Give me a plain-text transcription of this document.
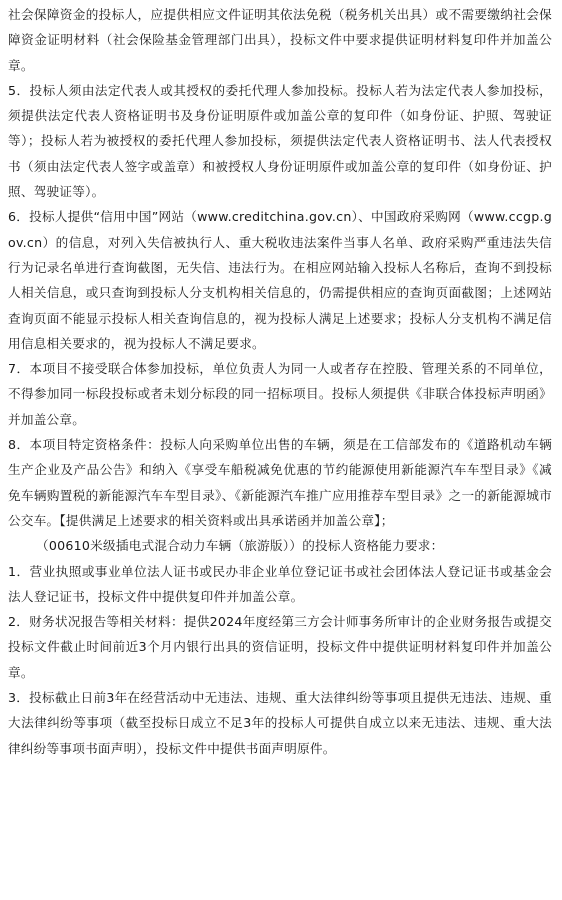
社会保障资金的投标人，应提供相应文件证明其依法免税（税务机关出具）或不需要缴纳社会保障资金证明材料（社会保险基金管理部门出具），投标文件中要求提供证明材料复印件并加盖公章。

5．投标人须由法定代表人或其授权的委托代理人参加投标。投标人若为法定代表人参加投标，须提供法定代表人资格证明书及身份证明原件或加盖公章的复印件（如身份证、护照、驾驶证等）；投标人若为被授权的委托代理人参加投标，须提供法定代表人资格证明书、法人代表授权书（须由法定代表人签字或盖章）和被授权人身份证明原件或加盖公章的复印件（如身份证、护照、驾驶证等）。

6．投标人提供“信用中国”网站（www.creditchina.gov.cn）、中国政府采购网（www.ccgp.gov.cn）的信息，对列入失信被执行人、重大税收违法案件当事人名单、政府采购严重违法失信行为记录名单进行查询截图，无失信、违法行为。在相应网站输入投标人名称后，查询不到投标人相关信息，或只查询到投标人分支机构相关信息的，仍需提供相应的查询页面截图；上述网站查询页面不能显示投标人相关查询信息的，视为投标人满足上述要求；投标人分支机构不满足信用信息相关要求的，视为投标人不满足要求。

7．本项目不接受联合体参加投标，单位负责人为同一人或者存在控股、管理关系的不同单位，不得参加同一标段投标或者未划分标段的同一招标项目。投标人须提供《非联合体投标声明函》并加盖公章。

8．本项目特定资格条件：投标人向采购单位出售的车辆，须是在工信部发布的《道路机动车辆生产企业及产品公告》和纳入《享受车船税减免优惠的节约能源使用新能源汽车车型目录》《减免车辆购置税的新能源汽车车型目录》、《新能源汽车推广应用推荐车型目录》之一的新能源城市公交车。【提供满足上述要求的相关资料或出具承诺函并加盖公章】；

（00610米级插电式混合动力车辆（旅游版））的投标人资格能力要求：

1．营业执照或事业单位法人证书或民办非企业单位登记证书或社会团体法人登记证书或基金会法人登记证书，投标文件中提供复印件并加盖公章。

2．财务状况报告等相关材料：提供2024年度经第三方会计师事务所审计的企业财务报告或提交投标文件截止时间前近3个月内银行出具的资信证明，投标文件中提供证明材料复印件并加盖公章。

3．投标截止日前3年在经营活动中无违法、违规、重大法律纠纷等事项且提供无违法、违规、重大法律纠纷等事项（截至投标日成立不足3年的投标人可提供自成立以来无违法、违规、重大法律纠纷等事项书面声明），投标文件中提供书面声明原件。
